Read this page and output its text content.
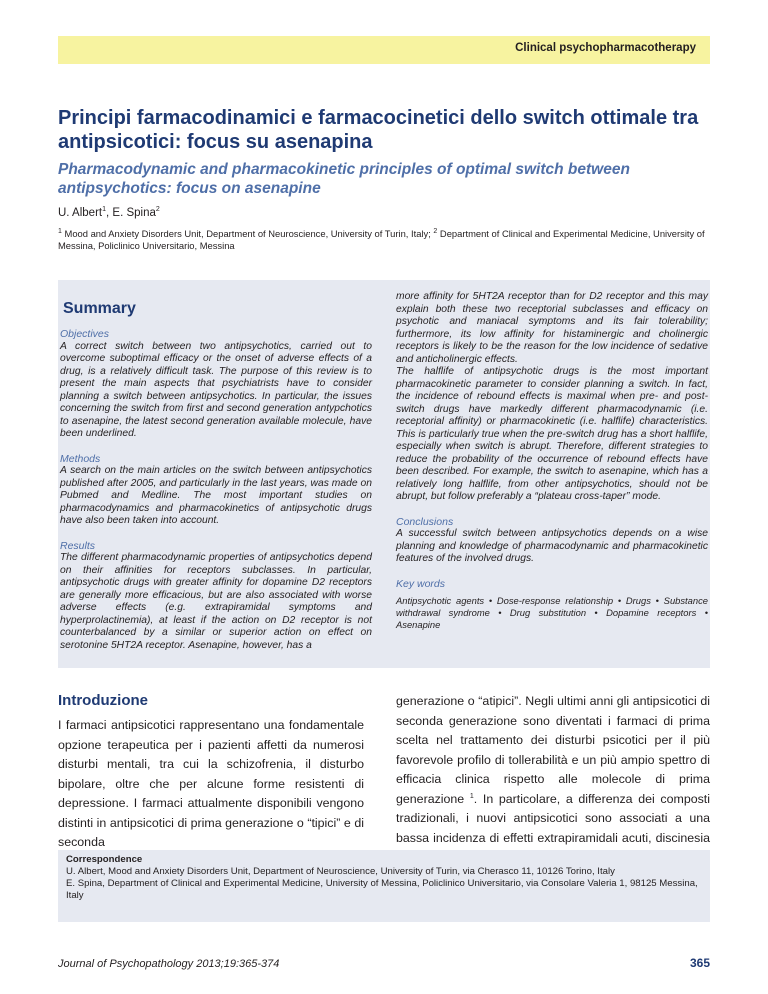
Clinical psychopharmacotherapy
Principi farmacodinamici e farmacocinetici dello switch ottimale tra antipsicotici: focus su asenapina
Pharmacodynamic and pharmacokinetic principles of optimal switch between antipsychotics: focus on asenapine
U. Albert$^1$, E. Spina$^2$
$^1$ Mood and Anxiety Disorders Unit, Department of Neuroscience, University of Turin, Italy; $^2$ Department of Clinical and Experimental Medicine, University of Messina, Policlinico Universitario, Messina
Summary

Objectives

A correct switch between two antipsychotics, carried out to overcome suboptimal efficacy or the onset of adverse effects of a drug, is a relatively difficult task. The purpose of this review is to present the main aspects that psychiatrists have to consider planning a switch between antipsychotics. In particular, the issues concerning the switch from first and second generation antypchotics to asenapine, the latest second generation available molecule, have been underlined.

Methods

A search on the main articles on the switch between antipsychotics published after 2005, and particularly in the last years, was made on Pubmed and Medline. The most important studies on pharmacodynamics and pharmacokinetics of antipsychotic drugs have also been taken into account.

Results

The different pharmacodynamic properties of antipsychotics depend on their affinities for receptors subclasses. In particular, antipsychotic drugs with greater affinity for dopamine D2 receptors are generally more efficacious, but are also associated with worse adverse effects (e.g. extrapiramidal symptoms and hyperprolactinemia), at least if the action on D2 receptor is not counterbalanced by a similar or superior action on effect on serotonine 5HT2A receptor. Asenapine, however, has a

more affinity for 5HT2A receptor than for D2 receptor and this may explain both these two receptorial subclasses and efficacy on psychotic and maniacal symptoms and its fair tolerability; furthermore, its low affinity for histaminergic and cholinergic receptors is likely to be the reason for the low incidence of sedative and anticholinergic effects.

The halflife of antipsychotic drugs is the most important pharmacokinetic parameter to consider planning a switch. In fact, the incidence of rebound effects is maximal when pre- and post-switch drugs have markedly different pharmacodynamic (i.e. receptorial affinity) or pharmacokinetic (i.e. halflife) characteristics. This is particularly true when the pre-switch drug has a short halflife, especially when switch is abrupt. Therefore, different strategies to reduce the probability of the occurrence of rebound effects have been described. For example, the switch to asenapine, which has a relatively long halflife, from other antipsychotics, should not be abrupt, but follow preferably a “plateau cross-taper” mode.

Conclusions

A successful switch between antipsychotics depends on a wise planning and knowledge of pharmacodynamic and pharmacokinetic features of the involved drugs.

Key words

Antipsychotic agents • Dose-response relationship • Drugs • Substance withdrawal syndrome • Drug substitution • Dopamine receptors • Asenapine

Introduzione

I farmaci antipsicotici rappresentano una fondamentale opzione terapeutica per i pazienti affetti da numerosi disturbi mentali, tra cui la schizofrenia, il disturbo bipolare, oltre che per alcune forme resistenti di depressione. I farmaci attualmente disponibili vengono distinti in antipsicotici di prima generazione o “tipici” e di seconda

generazione o “atipici”. Negli ultimi anni gli antipsicotici di seconda generazione sono diventati i farmaci di prima scelta nel trattamento dei disturbi psicotici per il più favorevole profilo di tollerabilità e un più ampio spettro di efficacia clinica rispetto alle molecole di prima generazione $^1$. In particolare, a differenza dei composti tradizionali, i nuovi antipsicotici sono associati a una bassa incidenza di effetti extrapiramidali acuti, discinesia

Correspondence
U. Albert, Mood and Anxiety Disorders Unit, Department of Neuroscience, University of Turin, via Cherasco 11, 10126 Torino, Italy
E. Spina, Department of Clinical and Experimental Medicine, University of Messina, Policlinico Universitario, via Consolare Valeria 1, 98125 Messina, Italy
Journal of Psychopathology 2013;19:365-374	365
